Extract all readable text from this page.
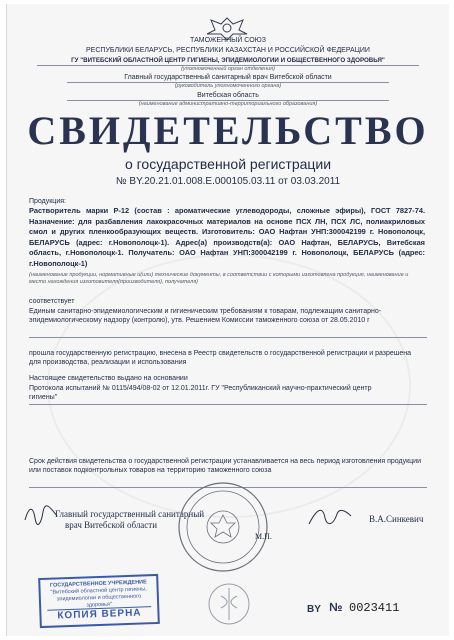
ТАМОЖЕННЫЙ СОЮЗ
РЕСПУБЛИКИ БЕЛАРУСЬ, РЕСПУБЛИКИ КАЗАХСТАН И РОССИЙСКОЙ ФЕДЕРАЦИИ
ГУ "ВИТЕБСКИЙ ОБЛАСТНОЙ ЦЕНТР ГИГИЕНЫ, ЭПИДЕМИОЛОГИИ И ОБЩЕСТВЕННОГО ЗДОРОВЬЯ"
(уполномоченный орган отделения)
Главный государственный санитарный врач Витебской области
(руководитель уполномоченного органа)
Витебская область
(наименование административно-территориального образования)
СВИДЕТЕЛЬСТВО
о государственной регистрации
№ BY.20.21.01.008.Е.000105.03.11 от 03.03.2011
Продукция:
Растворитель марки Р-12 (состав : ароматические углеводороды, сложные эфиры), ГОСТ 7827-74. Назначение: для разбавления лакокрасочных материалов на основе ПСХ ЛН, ПСХ ЛС, полиакриловых смол и других пленкообразующих веществ. Изготовитель: ОАО Нафтан УНП:300042199 г. Новополоцк, БЕЛАРУСЬ (адрес: г.Новополоцк-1). Адрес(а) производств(а): ОАО Нафтан, БЕЛАРУСЬ, Витебская область, г.Новополоцк-1. Получатель: ОАО Нафтан УНП:300042199 г. Новополоцк, БЕЛАРУСЬ (адрес: г.Новополоцк-1)
(наименование продукции, нормативные и(или) технические документы, в соответствии с которыми изготовлена продукция, наименование и место нахождения изготовителя(производителя), получателя)
соответствует
Единым санитарно-эпидемиологическим и гигиеническим требованиям к товарам, подлежащим санитарно-эпидемиологическому надзору (контролю), утв. Решением Комиссии таможенного союза от 28.05.2010 г
прошла государственную регистрацию, внесена в Реестр свидетельств о государственной регистрации и разрешена для производства, реализации и использования
Настоящее свидетельство выдано на основании
Протокола испытаний № 0115/494/08-02 от 12.01.2011г. ГУ "Республиканский научно-практический центр гигиены"
Срок действия свидетельства о государственной регистрации устанавливается на весь период изготовления продукции или поставок подконтрольных товаров на территорию таможенного союза
Главный государственный санитарный
врач Витебской области
М.П.
В.А.Синкевич
ГОСУДАРСТВЕННОЕ УЧРЕЖДЕНИЕ
"Витебский областной центр гигиены, эпидемиологии и общественного здоровья"
КОПИЯ ВЕРНА	BY № 0023411
